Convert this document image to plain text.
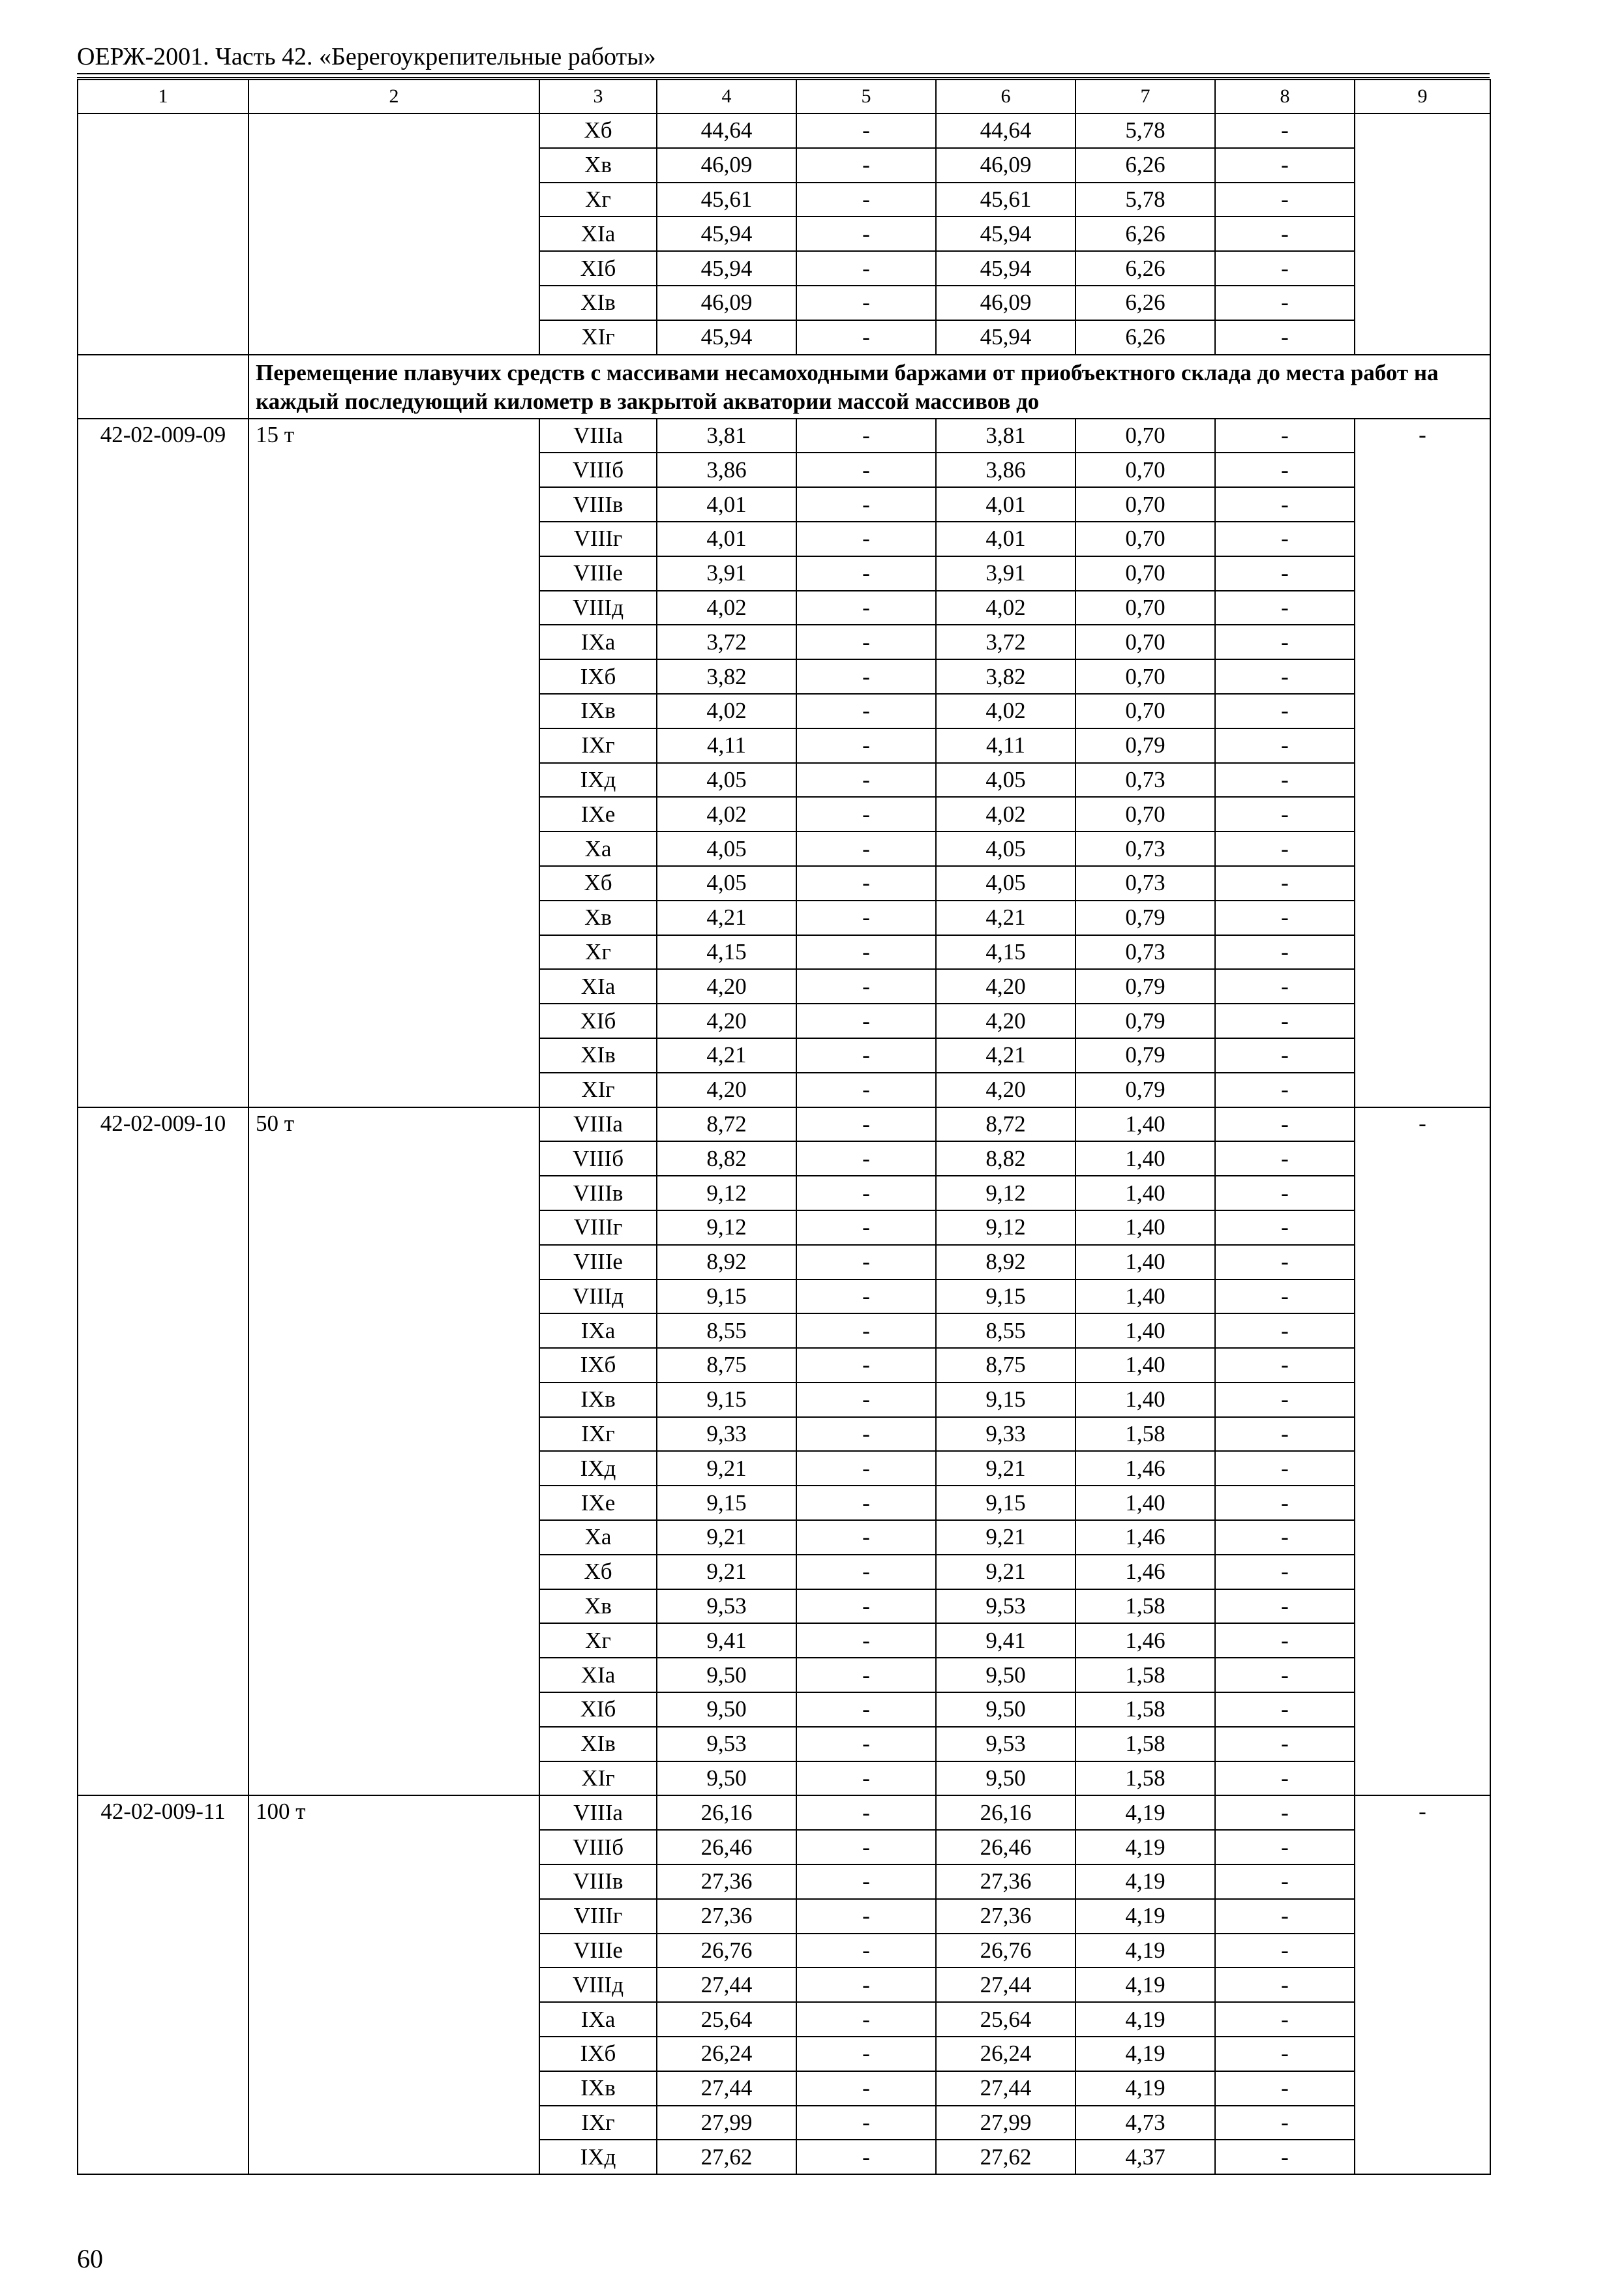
ОЕРЖ-2001. Часть 42. «Берегоукрепительные работы»
1	2	3	4	5	6	7	8	9
		Хб	44,64	-	44,64	5,78	-	
		Хв	46,09	-	46,09	6,26	-	
		Хг	45,61	-	45,61	5,78	-	
		ХIа	45,94	-	45,94	6,26	-	
		ХIб	45,94	-	45,94	6,26	-	
		ХIв	46,09	-	46,09	6,26	-	
		ХIг	45,94	-	45,94	6,26	-	
	Перемещение плавучих средств с массивами несамоходными баржами от приобъектного склада до места работ на каждый последующий километр в закрытой акватории массой массивов до							
42-02-009-09	15 т	VIIIа	3,81	-	3,81	0,70	-	-
		VIIIб	3,86	-	3,86	0,70	-	
		VIIIв	4,01	-	4,01	0,70	-	
		VIIIг	4,01	-	4,01	0,70	-	
		VIIIе	3,91	-	3,91	0,70	-	
		VIIIд	4,02	-	4,02	0,70	-	
		IХа	3,72	-	3,72	0,70	-	
		IХб	3,82	-	3,82	0,70	-	
		IХв	4,02	-	4,02	0,70	-	
		IХг	4,11	-	4,11	0,79	-	
		IХд	4,05	-	4,05	0,73	-	
		IХе	4,02	-	4,02	0,70	-	
		Ха	4,05	-	4,05	0,73	-	
		Хб	4,05	-	4,05	0,73	-	
		Хв	4,21	-	4,21	0,79	-	
		Хг	4,15	-	4,15	0,73	-	
		ХIа	4,20	-	4,20	0,79	-	
		ХIб	4,20	-	4,20	0,79	-	
		ХIв	4,21	-	4,21	0,79	-	
		ХIг	4,20	-	4,20	0,79	-	
42-02-009-10	50 т	VIIIа	8,72	-	8,72	1,40	-	-
		VIIIб	8,82	-	8,82	1,40	-	
		VIIIв	9,12	-	9,12	1,40	-	
		VIIIг	9,12	-	9,12	1,40	-	
		VIIIе	8,92	-	8,92	1,40	-	
		VIIIд	9,15	-	9,15	1,40	-	
		IХа	8,55	-	8,55	1,40	-	
		IХб	8,75	-	8,75	1,40	-	
		IХв	9,15	-	9,15	1,40	-	
		IХг	9,33	-	9,33	1,58	-	
		IХд	9,21	-	9,21	1,46	-	
		IХе	9,15	-	9,15	1,40	-	
		Ха	9,21	-	9,21	1,46	-	
		Хб	9,21	-	9,21	1,46	-	
		Хв	9,53	-	9,53	1,58	-	
		Хг	9,41	-	9,41	1,46	-	
		ХIа	9,50	-	9,50	1,58	-	
		ХIб	9,50	-	9,50	1,58	-	
		ХIв	9,53	-	9,53	1,58	-	
		ХIг	9,50	-	9,50	1,58	-	
42-02-009-11	100 т	VIIIа	26,16	-	26,16	4,19	-	-
		VIIIб	26,46	-	26,46	4,19	-	
		VIIIв	27,36	-	27,36	4,19	-	
		VIIIг	27,36	-	27,36	4,19	-	
		VIIIе	26,76	-	26,76	4,19	-	
		VIIIд	27,44	-	27,44	4,19	-	
		IХа	25,64	-	25,64	4,19	-	
		IХб	26,24	-	26,24	4,19	-	
		IХв	27,44	-	27,44	4,19	-	
		IХг	27,99	-	27,99	4,73	-	
		IХд	27,62	-	27,62	4,37	-	
60
